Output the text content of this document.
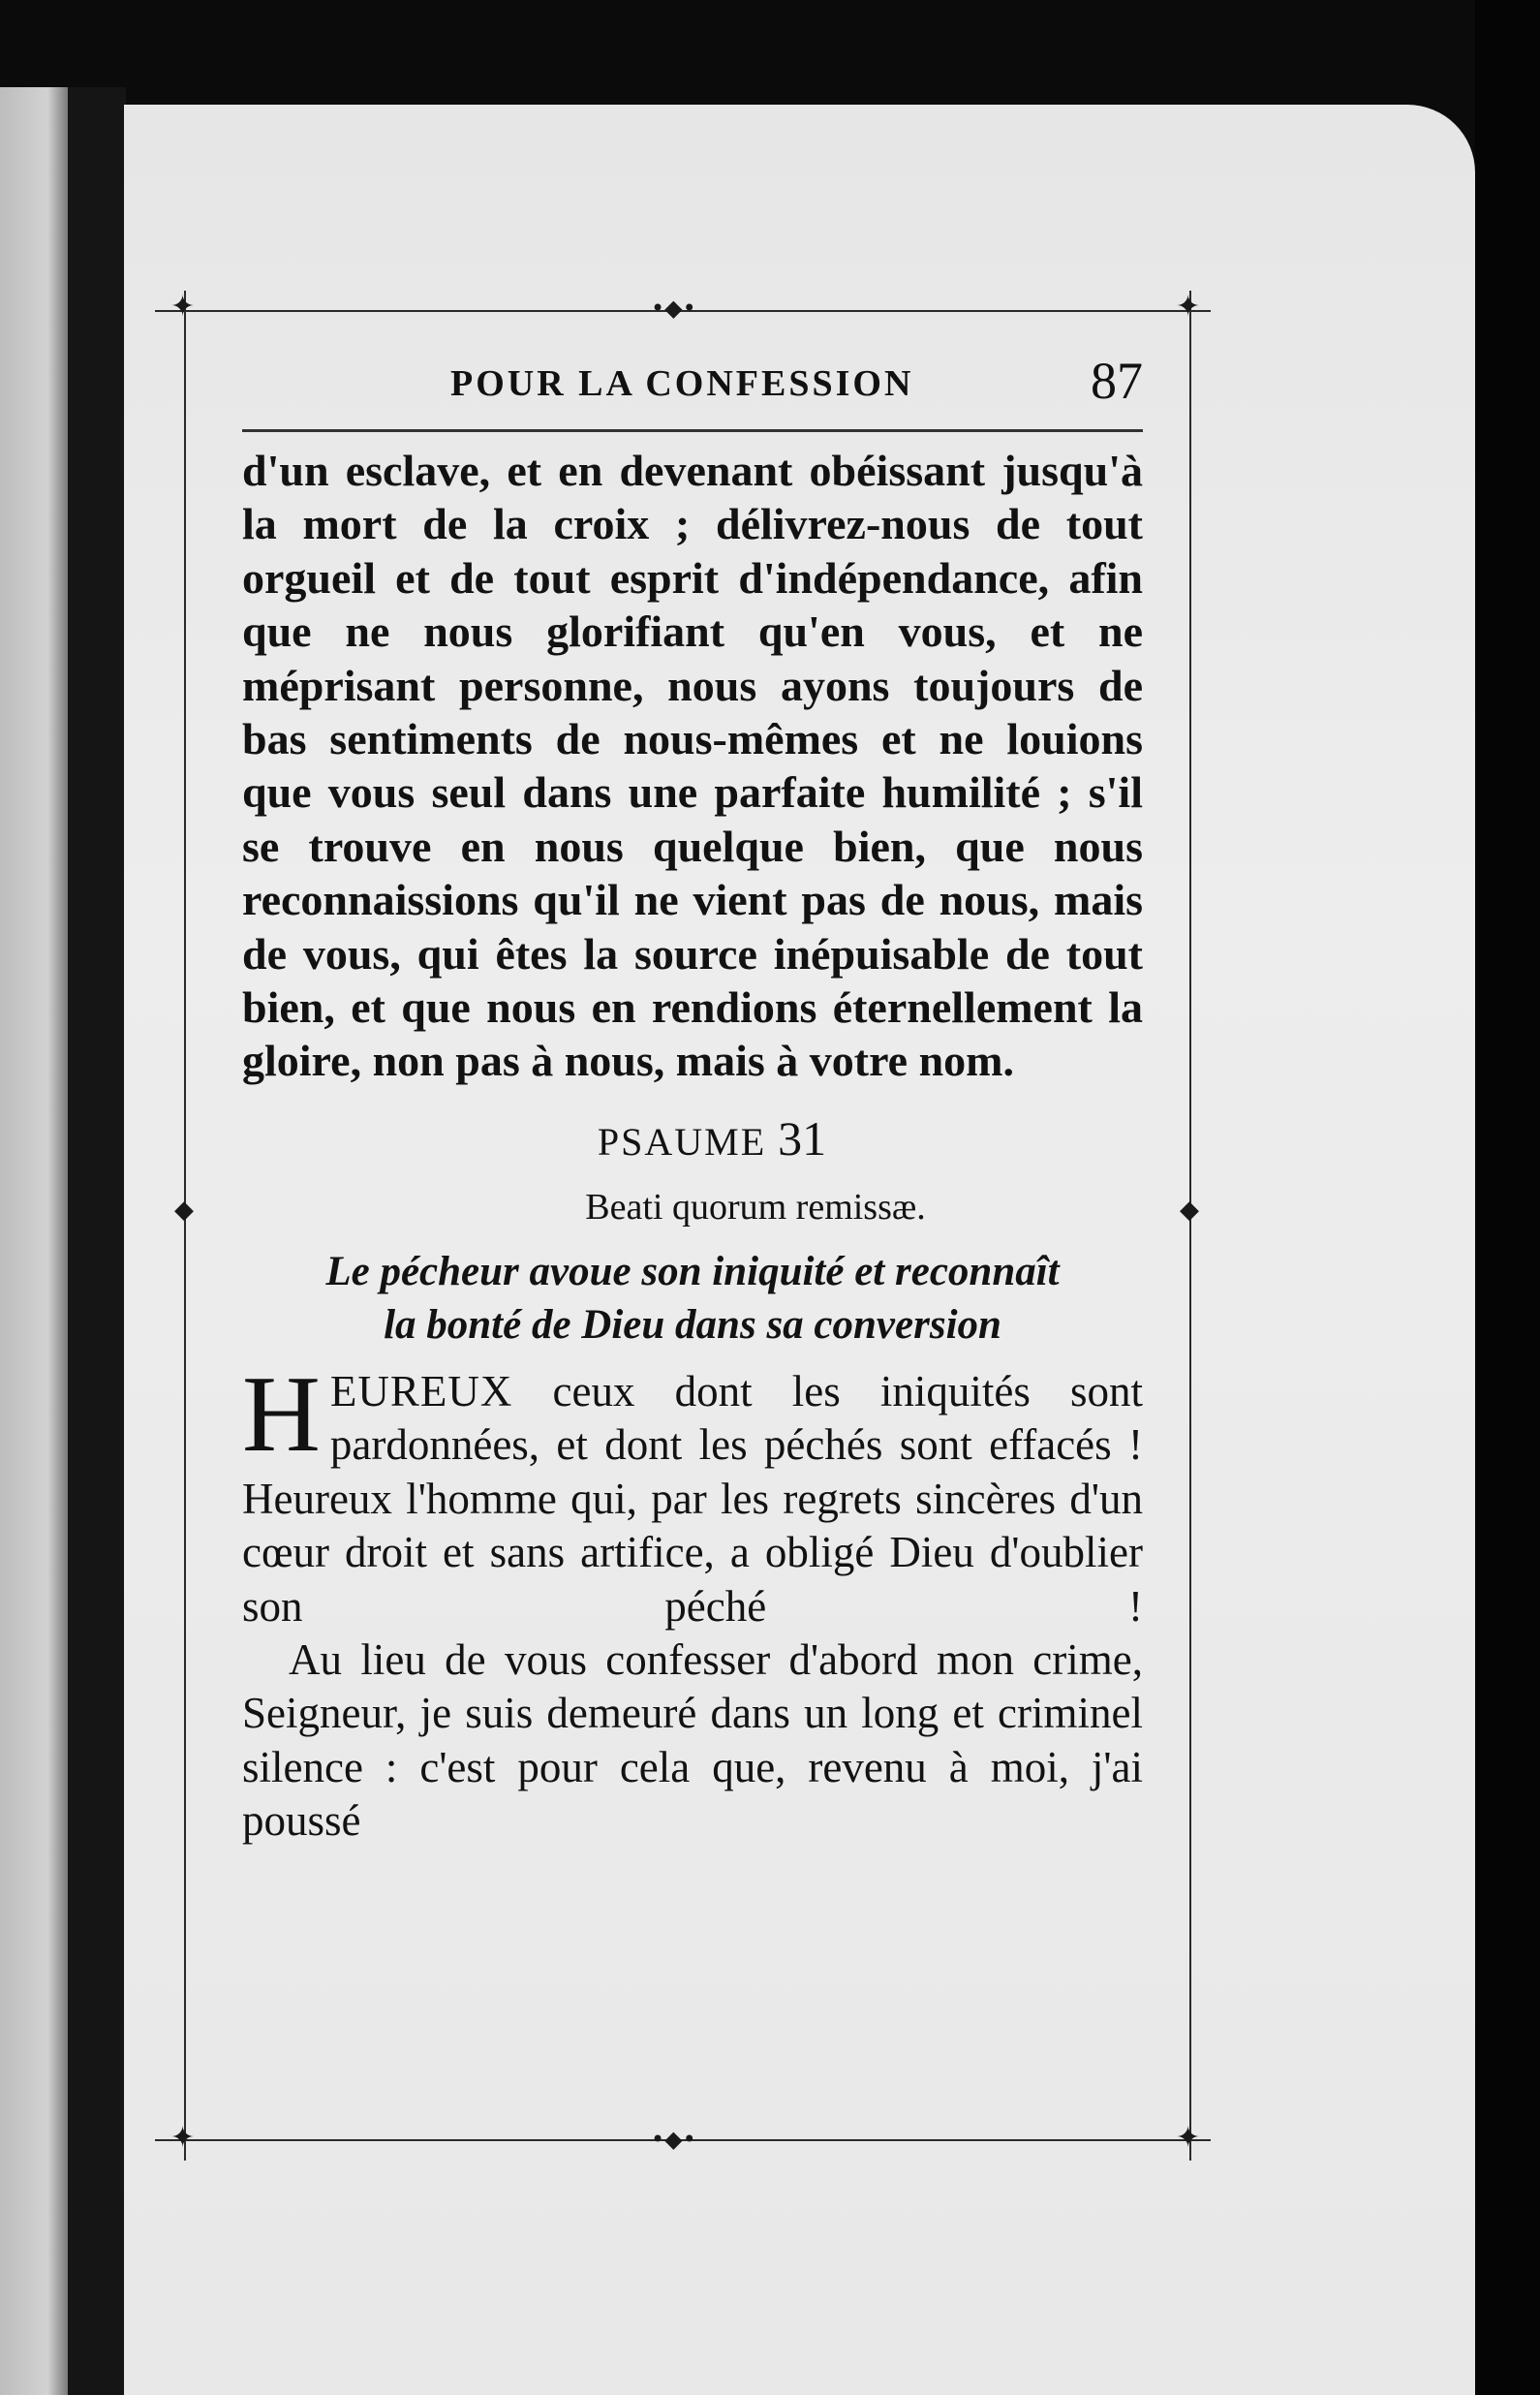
✦	✦
✦	✦
•◆•
•◆•
◆	◆
POUR LA CONFESSION	87

d'un esclave, et en devenant obéissant jusqu'à la mort de la croix ; délivrez-nous de tout orgueil et de tout esprit d'indépendance, afin que ne nous glorifiant qu'en vous, et ne méprisant personne, nous ayons toujours de bas sentiments de nous-mêmes et ne louions que vous seul dans une parfaite humilité ; s'il se trouve en nous quelque bien, que nous reconnaissions qu'il ne vient pas de nous, mais de vous, qui êtes la source inépuisable de tout bien, et que nous en rendions éternellement la gloire, non pas à nous, mais à votre nom.

PSAUME 31

Beati quorum remissæ.

Le pécheur avoue son iniquité et reconnaît
la bonté de Dieu dans sa conversion

HEUREUX ceux dont les iniquités sont pardonnées, et dont les péchés sont effacés ! Heureux l'homme qui, par les regrets sincères d'un cœur droit et sans artifice, a obligé Dieu d'oublier son péché !

Au lieu de vous confesser d'abord mon crime, Seigneur, je suis demeuré dans un long et criminel silence : c'est pour cela que, revenu à moi, j'ai poussé
